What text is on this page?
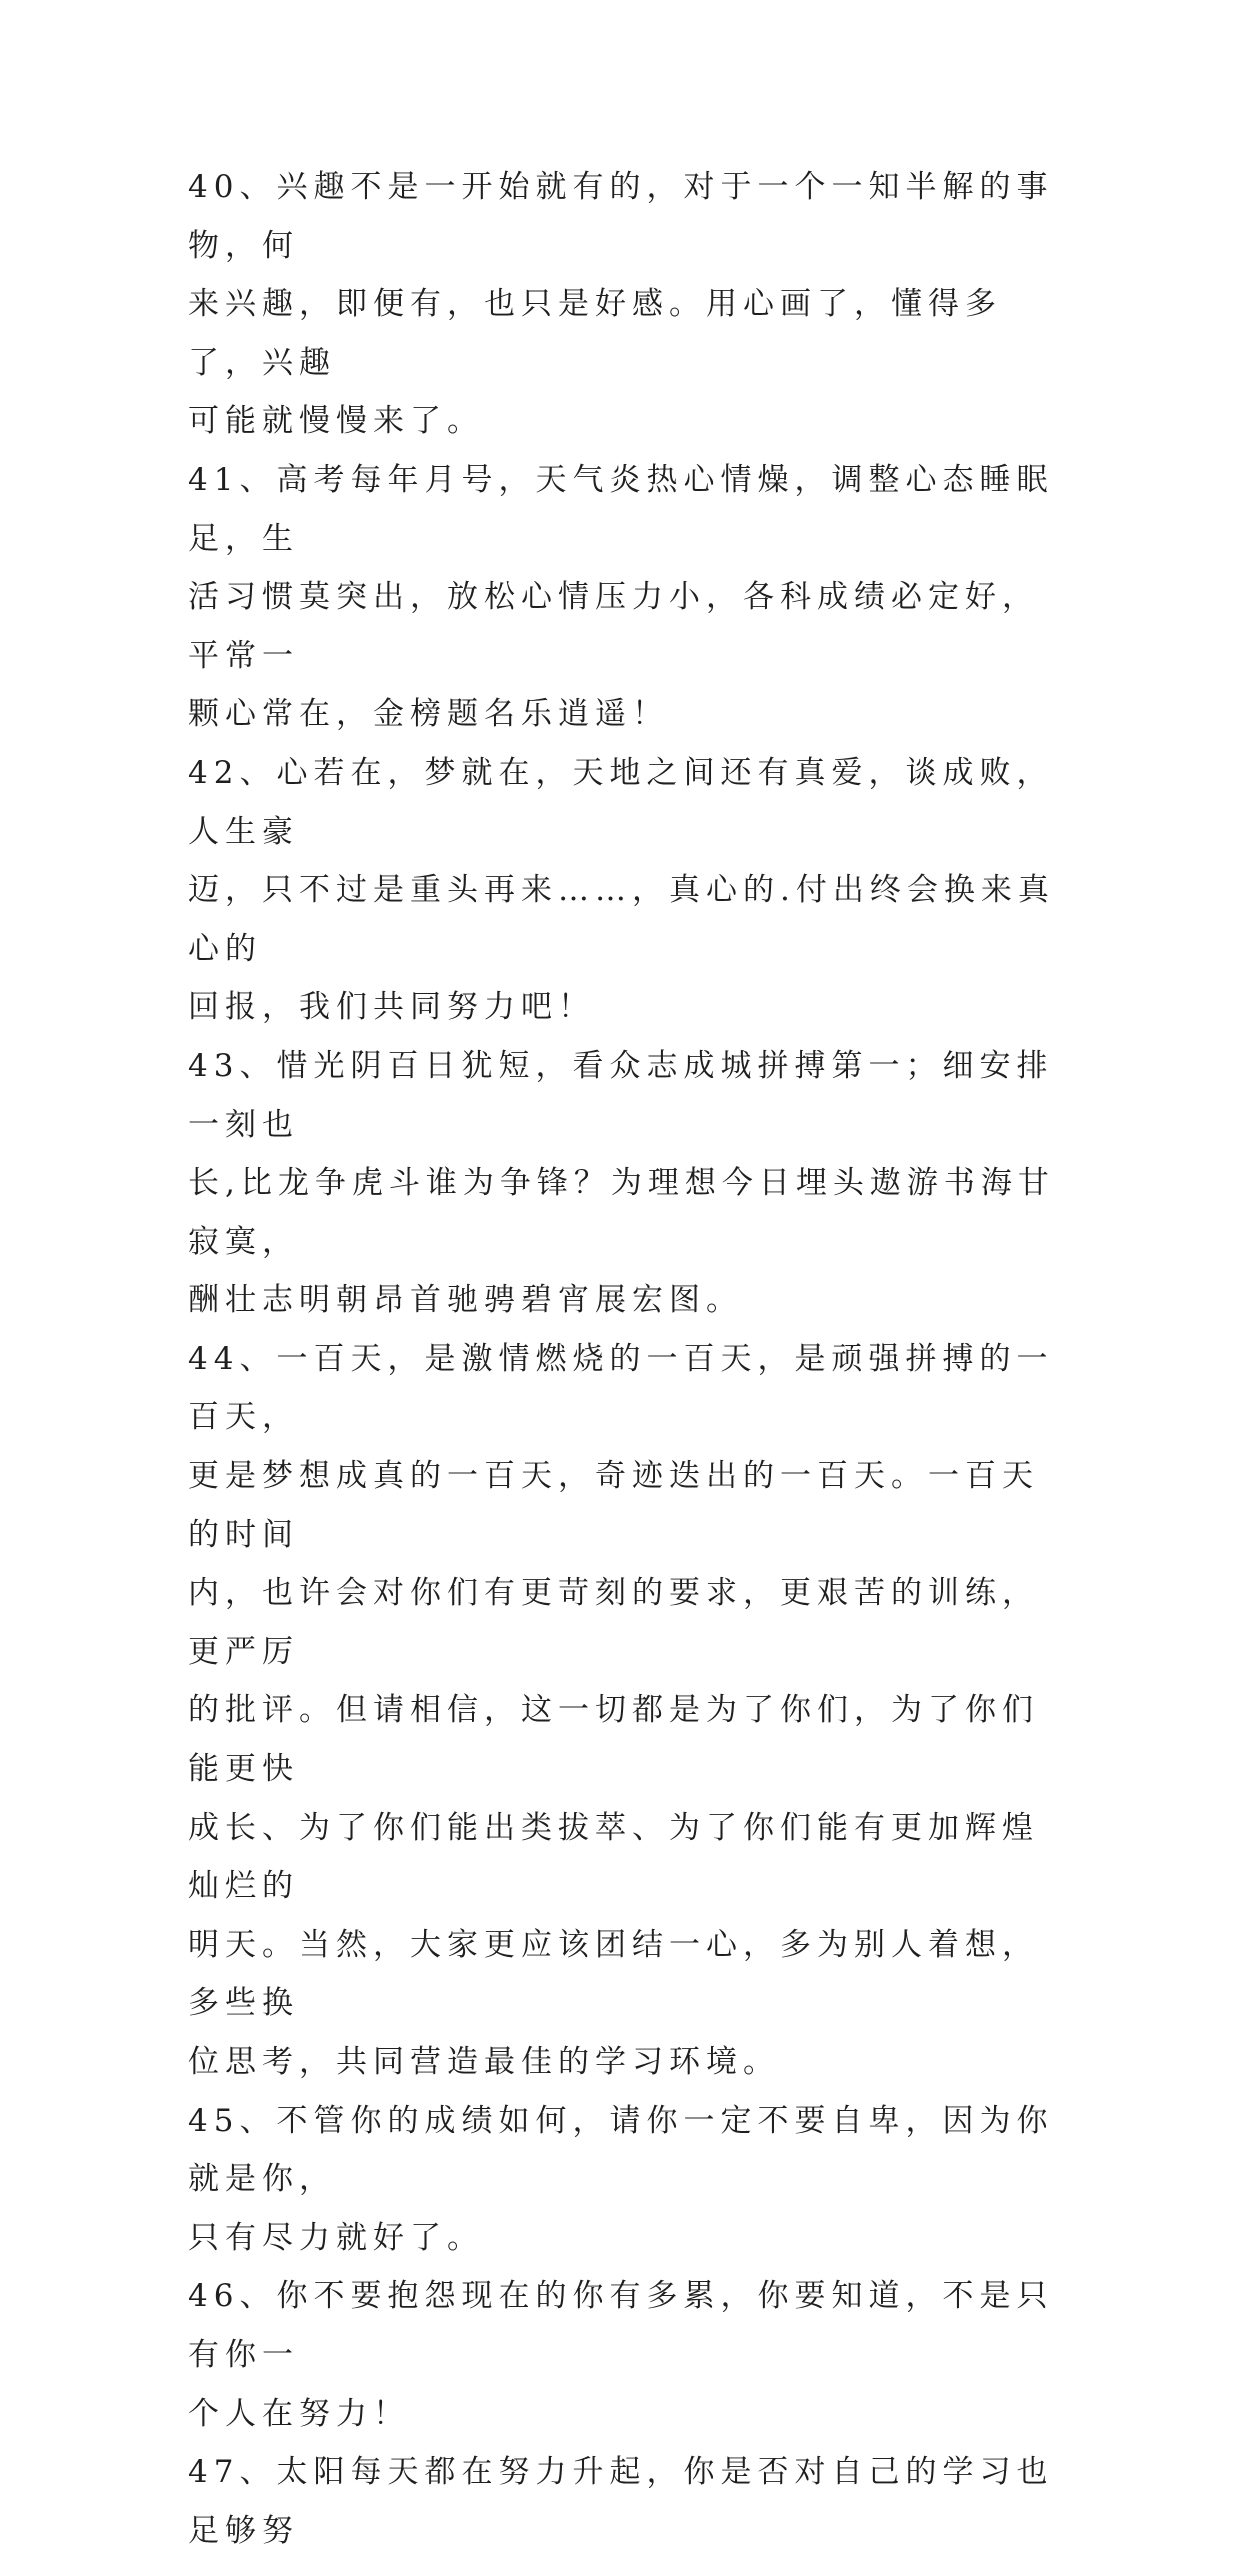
40、兴趣不是一开始就有的，对于一个一知半解的事物，何
来兴趣，即便有，也只是好感。用心画了，懂得多了，兴趣
可能就慢慢来了。

41、高考每年月号，天气炎热心情燥，调整心态睡眠足，生
活习惯莫突出，放松心情压力小，各科成绩必定好，平常一
颗心常在，金榜题名乐逍遥！

42、心若在，梦就在，天地之间还有真爱，谈成败，人生豪
迈，只不过是重头再来……，真心的.付出终会换来真心的
回报，我们共同努力吧！

43、惜光阴百日犹短，看众志成城拼搏第一；细安排一刻也
长,比龙争虎斗谁为争锋？为理想今日埋头遨游书海甘寂寞，
酬壮志明朝昂首驰骋碧宵展宏图。

44、一百天，是激情燃烧的一百天，是顽强拼搏的一百天，
更是梦想成真的一百天，奇迹迭出的一百天。一百天的时间
内，也许会对你们有更苛刻的要求，更艰苦的训练，更严厉
的批评。但请相信，这一切都是为了你们，为了你们能更快
成长、为了你们能出类拔萃、为了你们能有更加辉煌灿烂的
明天。当然，大家更应该团结一心，多为别人着想，多些换
位思考，共同营造最佳的学习环境。

45、不管你的成绩如何，请你一定不要自卑，因为你就是你，
只有尽力就好了。

46、你不要抱怨现在的你有多累，你要知道，不是只有你一
个人在努力！

47、太阳每天都在努力升起，你是否对自己的学习也足够努
